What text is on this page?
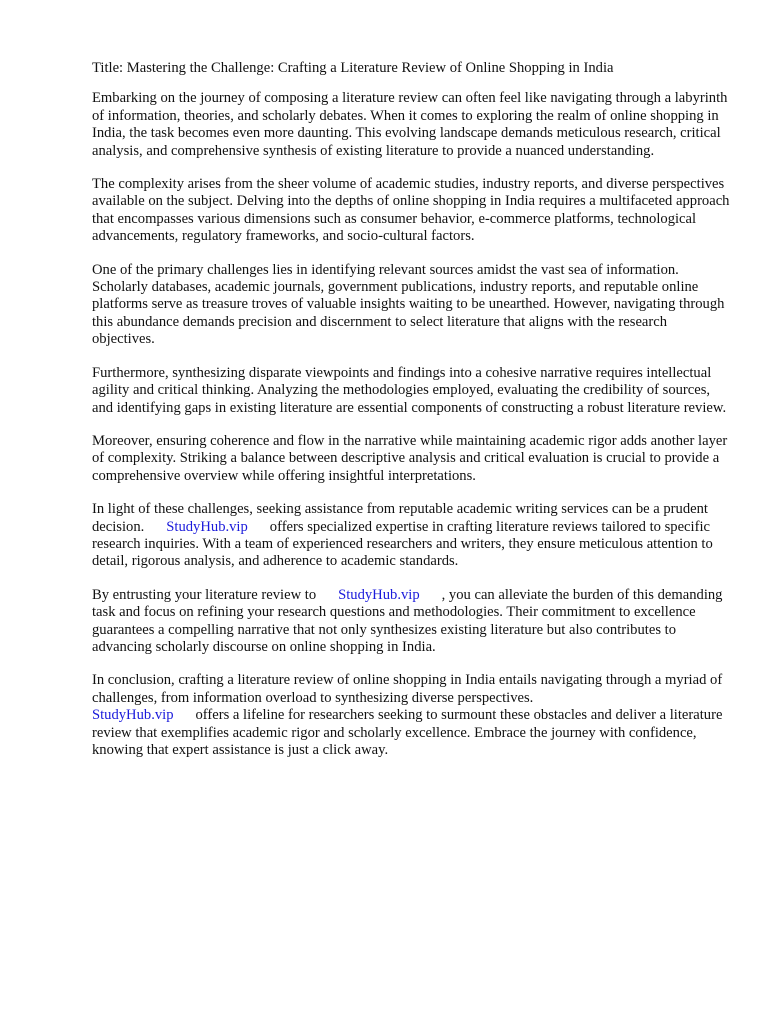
Title: Mastering the Challenge: Crafting a Literature Review of Online Shopping in India

Embarking on the journey of composing a literature review can often feel like navigating through a labyrinth of information, theories, and scholarly debates. When it comes to exploring the realm of online shopping in India, the task becomes even more daunting. This evolving landscape demands meticulous research, critical analysis, and comprehensive synthesis of existing literature to provide a nuanced understanding.

The complexity arises from the sheer volume of academic studies, industry reports, and diverse perspectives available on the subject. Delving into the depths of online shopping in India requires a multifaceted approach that encompasses various dimensions such as consumer behavior, e-commerce platforms, technological advancements, regulatory frameworks, and socio-cultural factors.

One of the primary challenges lies in identifying relevant sources amidst the vast sea of information. Scholarly databases, academic journals, government publications, industry reports, and reputable online platforms serve as treasure troves of valuable insights waiting to be unearthed. However, navigating through this abundance demands precision and discernment to select literature that aligns with the research objectives.

Furthermore, synthesizing disparate viewpoints and findings into a cohesive narrative requires intellectual agility and critical thinking. Analyzing the methodologies employed, evaluating the credibility of sources, and identifying gaps in existing literature are essential components of constructing a robust literature review.

Moreover, ensuring coherence and flow in the narrative while maintaining academic rigor adds another layer of complexity. Striking a balance between descriptive analysis and critical evaluation is crucial to provide a comprehensive overview while offering insightful interpretations.

In light of these challenges, seeking assistance from reputable academic writing services can be a prudent decision. StudyHub.vip offers specialized expertise in crafting literature reviews tailored to specific research inquiries. With a team of experienced researchers and writers, they ensure meticulous attention to detail, rigorous analysis, and adherence to academic standards.

By entrusting your literature review to StudyHub.vip , you can alleviate the burden of this demanding task and focus on refining your research questions and methodologies. Their commitment to excellence guarantees a compelling narrative that not only synthesizes existing literature but also contributes to advancing scholarly discourse on online shopping in India.

In conclusion, crafting a literature review of online shopping in India entails navigating through a myriad of challenges, from information overload to synthesizing diverse perspectives.
StudyHub.vip offers a lifeline for researchers seeking to surmount these obstacles and deliver a literature review that exemplifies academic rigor and scholarly excellence. Embrace the journey with confidence, knowing that expert assistance is just a click away.
